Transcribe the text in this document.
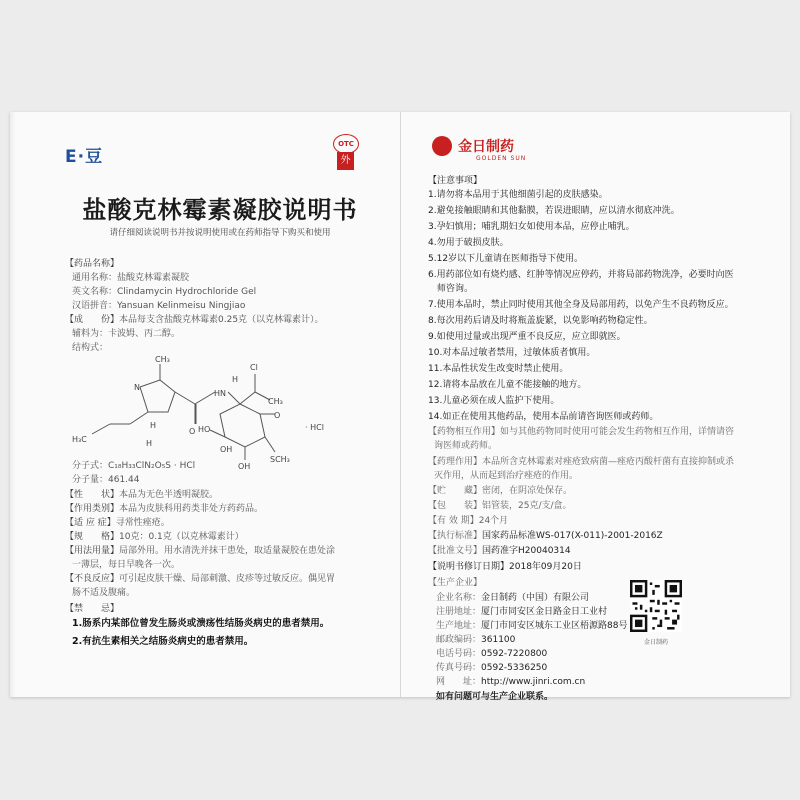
E·豆
OTC
外
盐酸克林霉素凝胶说明书
请仔细阅读说明书并按说明使用或在药师指导下购买和使用
【药品名称】
通用名称：盐酸克林霉素凝胶
英文名称：Clindamycin Hydrochloride Gel
汉语拼音：Yansuan Kelinmeisu Ningjiao
【成　　份】本品每支含盐酸克林霉素0.25克（以克林霉素计）。
辅料为：卡波姆、丙二醇。
结构式：
CH₃
N
H
H₃C	H
HN
H
Cl
CH₃
O HO
O
OH
OH
SCH₃
· HCl
分子式：C₁₈H₃₃ClN₂O₅S · HCl
分子量：461.44
【性　　状】本品为无色半透明凝胶。
【作用类别】本品为皮肤科用药类非处方药药品。
【适 应 症】寻常性痤疮。
【规　　格】10克：0.1克（以克林霉素计）
【用法用量】局部外用。用水清洗并抹干患处，取适量凝胶在患处涂
一薄层，每日早晚各一次。
【不良反应】可引起皮肤干燥、局部刺激、皮疹等过敏反应。偶见胃
肠不适及腹痛。
【禁　　忌】
1.肠系内某部位曾发生肠炎或溃疡性结肠炎病史的患者禁用。
2.有抗生素相关之结肠炎病史的患者禁用。
金日制药
GOLDEN SUN
【注意事项】
1.请勿将本品用于其他细菌引起的皮肤感染。
2.避免接触眼睛和其他黏膜，若误进眼睛，应以清水彻底冲洗。
3.孕妇慎用；哺乳期妇女如使用本品，应停止哺乳。
4.勿用于破损皮肤。
5.12岁以下儿童请在医师指导下使用。
6.用药部位如有烧灼感、红肿等情况应停药，并将局部药物洗净，必要时向医
　师咨询。
7.使用本品时，禁止同时使用其他全身及局部用药，以免产生不良药物反应。
8.每次用药后请及时将瓶盖旋紧，以免影响药物稳定性。
9.如使用过量或出现严重不良反应，应立即就医。
10.对本品过敏者禁用，过敏体质者慎用。
11.本品性状发生改变时禁止使用。
12.请将本品放在儿童不能接触的地方。
13.儿童必须在成人监护下使用。
14.如正在使用其他药品，使用本品前请咨询医师或药师。
【药物相互作用】如与其他药物同时使用可能会发生药物相互作用，详情请咨
询医师或药师。
【药理作用】本品所含克林霉素对痤疮致病菌—痤疮丙酸杆菌有直接抑制或杀
灭作用，从而起到治疗痤疮的作用。
【贮　　藏】密闭，在阴凉处保存。
【包　　装】铝管装，25克/支/盒。
【有 效 期】24个月
【执行标准】国家药品标准WS-017(X-011)-2001-2016Z
【批准文号】国药准字H20040314
【说明书修订日期】2018年09月20日
【生产企业】
企业名称：金日制药（中国）有限公司
注册地址：厦门市同安区金日路金日工业村
生产地址：厦门市同安区城东工业区梧源路88号
邮政编码：361100
电话号码：0592-7220800
传真号码：0592-5336250
网　　址：http://www.jinri.com.cn
如有问题可与生产企业联系。
金日制药
